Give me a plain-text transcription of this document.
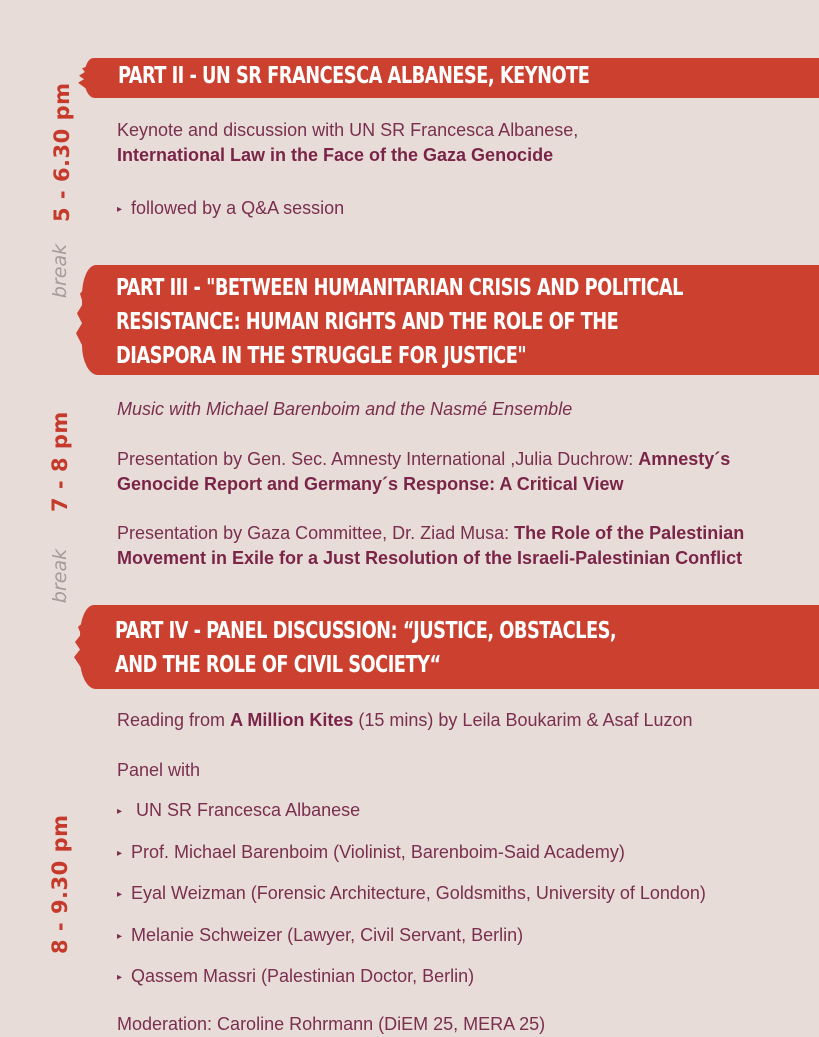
PART II - UN SR FRANCESCA ALBANESE, KEYNOTE
5 - 6.30 pm Keynote and discussion with UN SR Francesca Albanese,
International Law in the Face of the Gaza Genocide
▸ followed by a Q&A session
break PART III - "BETWEEN HUMANITARIAN CRISIS AND POLITICAL
RESISTANCE: HUMAN RIGHTS AND THE ROLE OF THE
DIASPORA IN THE STRUGGLE FOR JUSTICE"
7 - 8 pm
Music with Michael Barenboim and the Nasmé Ensemble
Presentation by Gen. Sec. Amnesty International ,Julia Duchrow: Amnesty´s
Genocide Report and Germany´s Response: A Critical View
Presentation by Gaza Committee, Dr. Ziad Musa: The Role of the Palestinian
Movement in Exile for a Just Resolution of the Israeli-Palestinian Conflict
break
PART IV - PANEL DISCUSSION: “JUSTICE, OBSTACLES,
AND THE ROLE OF CIVIL SOCIETY“
8 - 9.30 pm
Reading from A Million Kites (15 mins) by Leila Boukarim & Asaf Luzon
Panel with
▸ UN SR Francesca Albanese
▸ Prof. Michael Barenboim (Violinist, Barenboim-Said Academy)
▸ Eyal Weizman (Forensic Architecture, Goldsmiths, University of London)
▸ Melanie Schweizer (Lawyer, Civil Servant, Berlin)
▸ Qassem Massri (Palestinian Doctor, Berlin)
Moderation: Caroline Rohrmann (DiEM 25, MERA 25)
